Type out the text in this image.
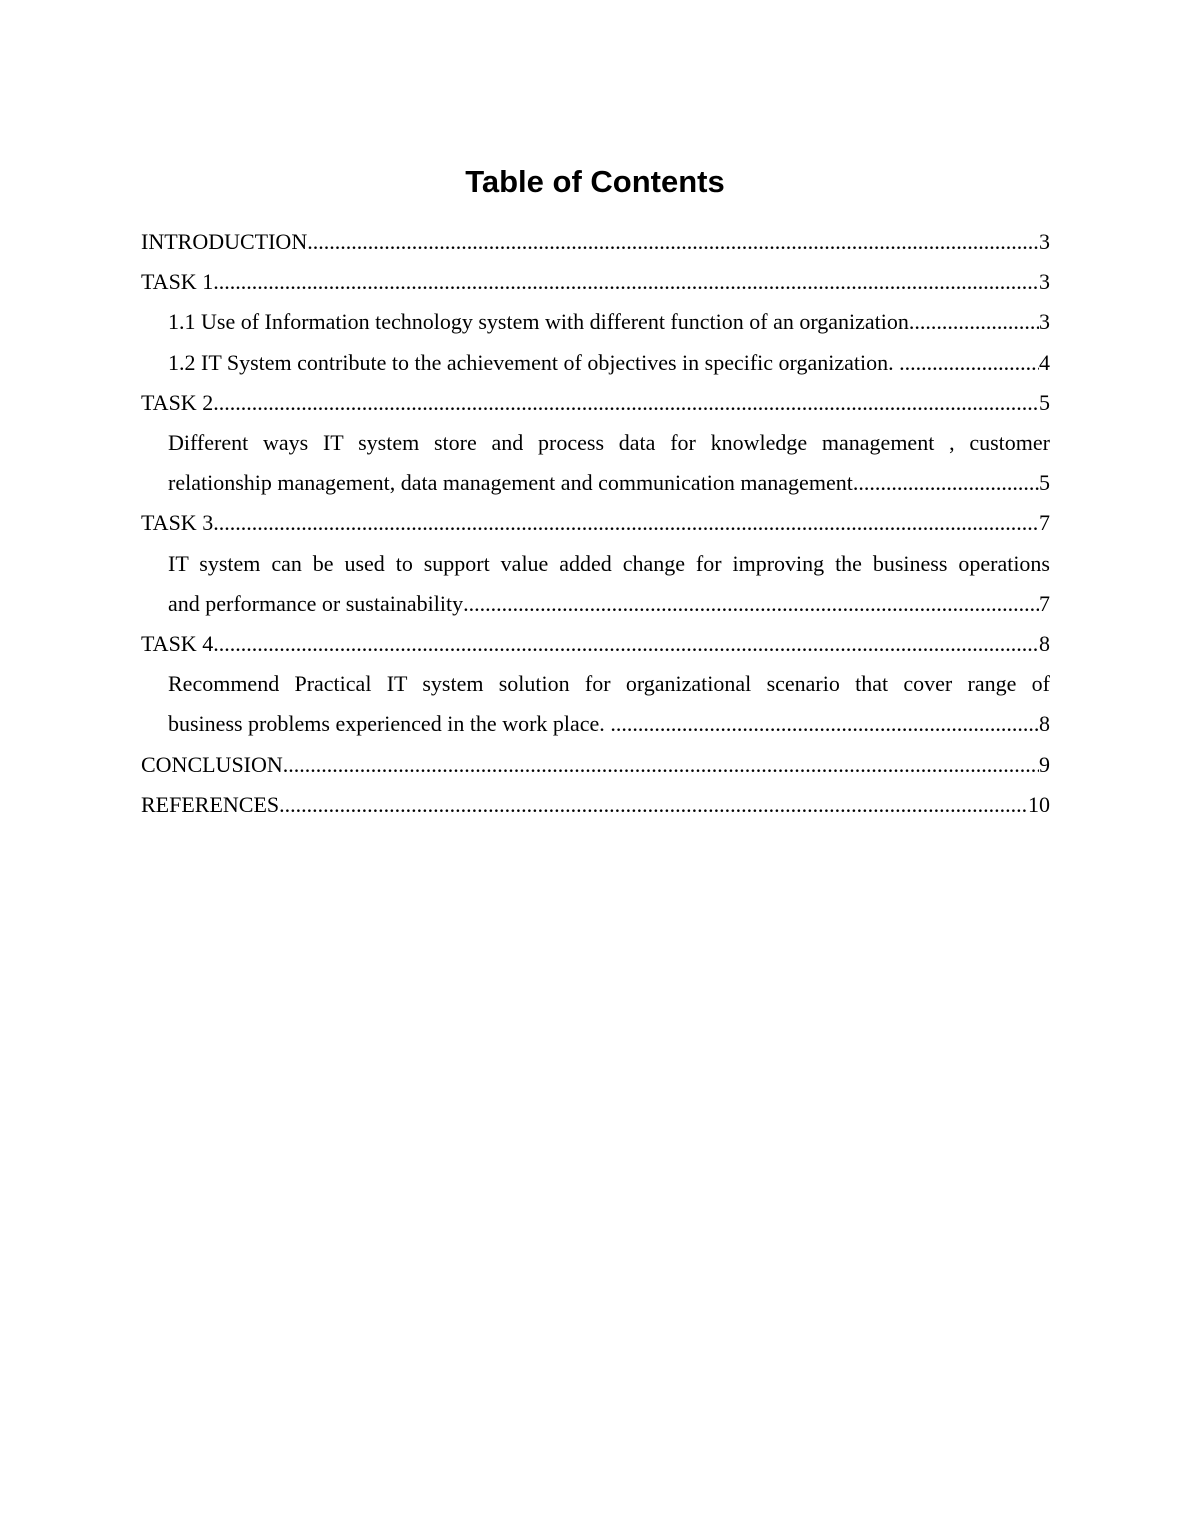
Table of Contents
INTRODUCTION .....	3
TASK 1 .....	3
1.1 Use of Information technology system with different function of an organization .....	3
1.2 IT System contribute to the achievement of objectives in specific organization. .....	4
TASK 2 .....	5
Different ways IT system store and process data for knowledge management , customer
relationship management, data management and communication management .....	5
TASK 3 .....	7
IT system can be used to support value added change for improving the business operations
and performance or sustainability .....	7
TASK 4 .....	8
Recommend Practical IT system solution for organizational scenario that cover range of
business problems experienced in the work place. .....	8
CONCLUSION .....	9
REFERENCES .....	10
